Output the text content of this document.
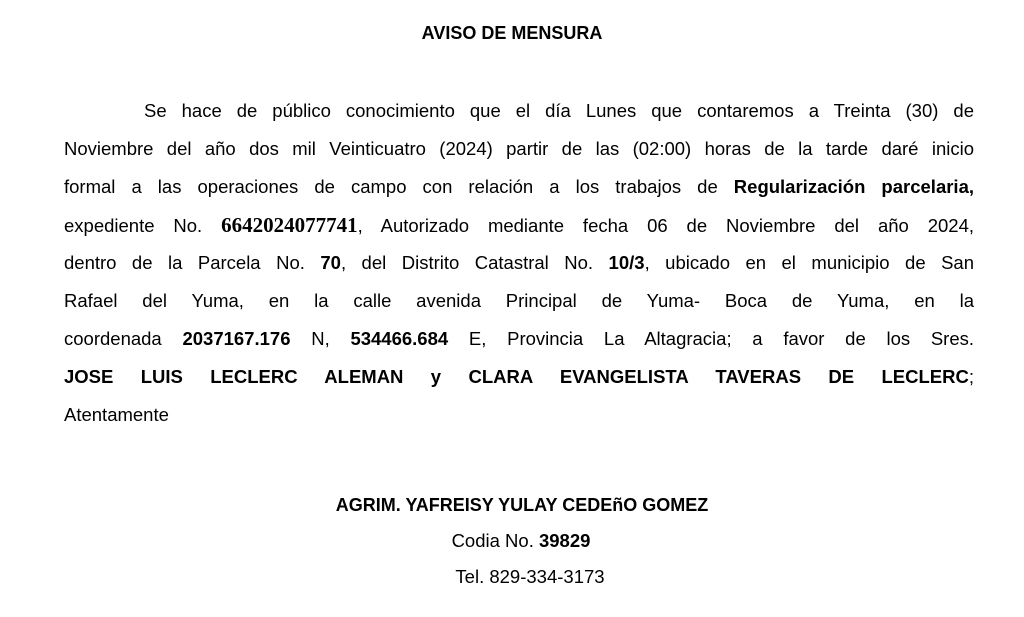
AVISO DE MENSURA
Se hace de público conocimiento que el día Lunes que contaremos a Treinta (30) de
Noviembre del año dos mil Veinticuatro (2024) partir de las (02:00) horas de la tarde daré inicio
formal a las operaciones de campo con relación a los trabajos de Regularización parcelaria,
expediente No. 6642024077741, Autorizado mediante fecha 06 de Noviembre del año 2024,
dentro de la Parcela No. 70, del Distrito Catastral No. 10/3, ubicado en el municipio de San
Rafael del Yuma, en la calle avenida Principal de Yuma- Boca de Yuma, en la
coordenada 2037167.176 N, 534466.684 E, Provincia La Altagracia; a favor de los Sres.
JOSE LUIS LECLERC ALEMAN y CLARA EVANGELISTA TAVERAS DE LECLERC;
Atentamente
AGRIM. YAFREISY YULAY CEDEñO GOMEZ
Codia No. 39829
Tel. 829-334-3173
